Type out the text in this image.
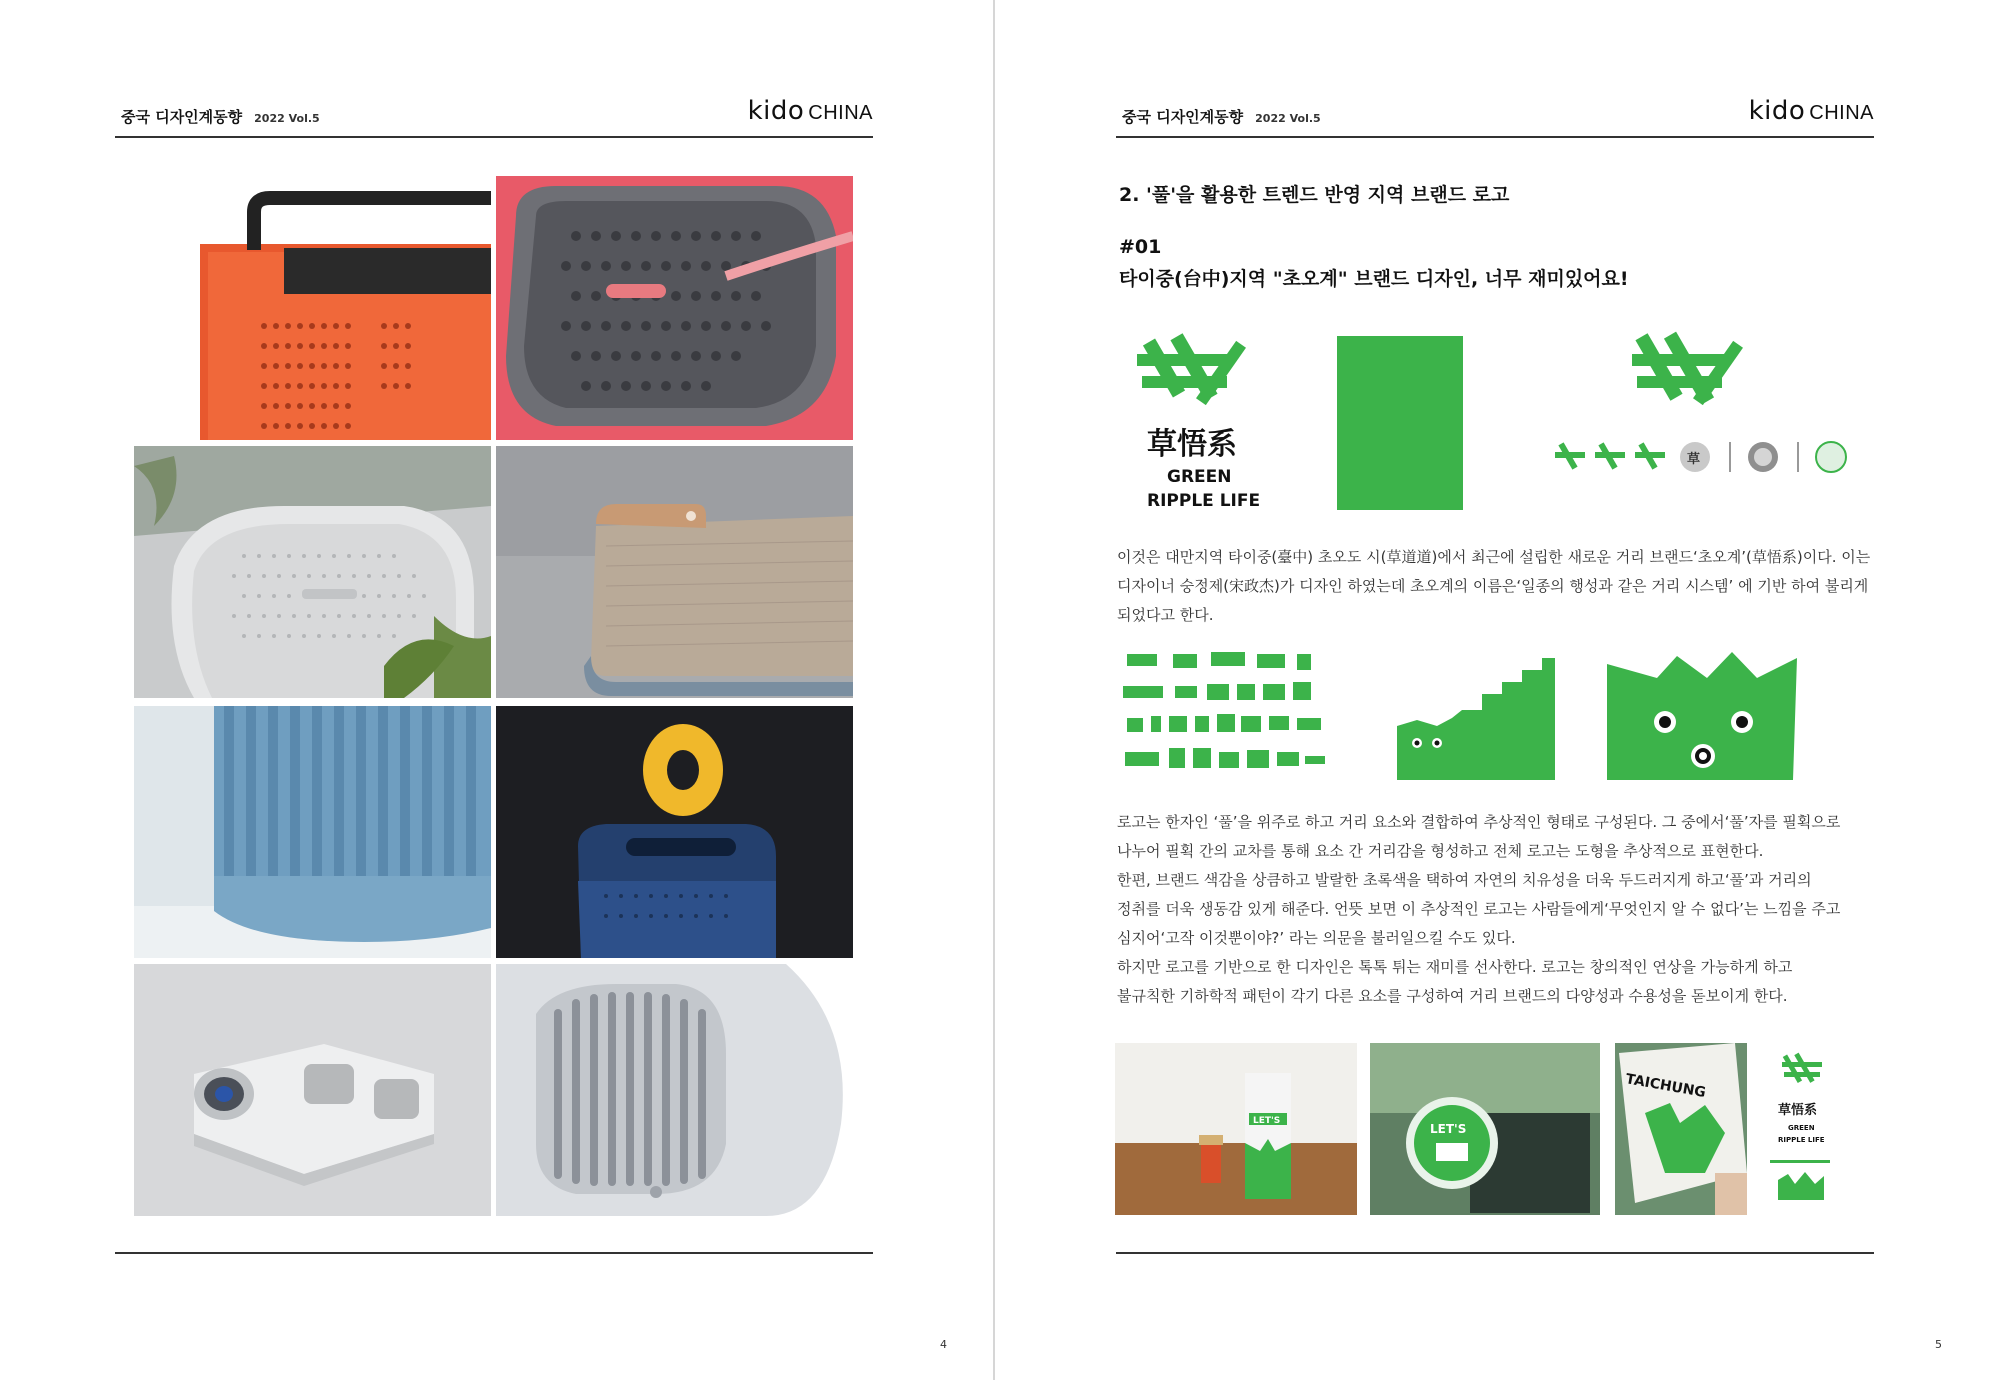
중국 디자인계동향 2022 Vol.5	kido CHINA
4
중국 디자인계동향 2022 Vol.5	kido CHINA
2. '풀'을 활용한 트렌드 반영 지역 브랜드 로고
#01
타이중(台中)지역 "초오계" 브랜드 디자인, 너무 재미있어요!
草悟系
GREEN
RIPPLE LIFE
草
이것은 대만지역 타이중(臺中) 초오도 시(草道道)에서 최근에 설립한 새로운 거리 브랜드‘초오계’(草悟系)이다. 이는
디자이너 숭정제(宋政杰)가 디자인 하였는데 초오계의 이름은‘일종의 행성과 같은 거리 시스템’ 에 기반 하여 불리게
되었다고 한다.
로고는 한자인 ‘풀’을 위주로 하고 거리 요소와 결합하여 추상적인 형태로 구성된다. 그 중에서‘풀’자를 필획으로
나누어 필획 간의 교차를 통해 요소 간 거리감을 형성하고 전체 로고는 도형을 추상적으로 표현한다.
한편, 브랜드 색감을 상큼하고 발랄한 초록색을 택하여 자연의 치유성을 더욱 두드러지게 하고‘풀’과 거리의
정취를 더욱 생동감 있게 해준다. 언뜻 보면 이 추상적인 로고는 사람들에게‘무엇인지 알 수 없다’는 느낌을 주고
심지어‘고작 이것뿐이야?’ 라는 의문을 불러일으킬 수도 있다.
하지만 로고를 기반으로 한 디자인은 톡톡 튀는 재미를 선사한다. 로고는 창의적인 연상을 가능하게 하고
불규칙한 기하학적 패턴이 각기 다른 요소를 구성하여 거리 브랜드의 다양성과 수용성을 돋보이게 한다.
LET'S
LET'S
TAICHUNG
草悟系
GREEN
RIPPLE LIFE
5
